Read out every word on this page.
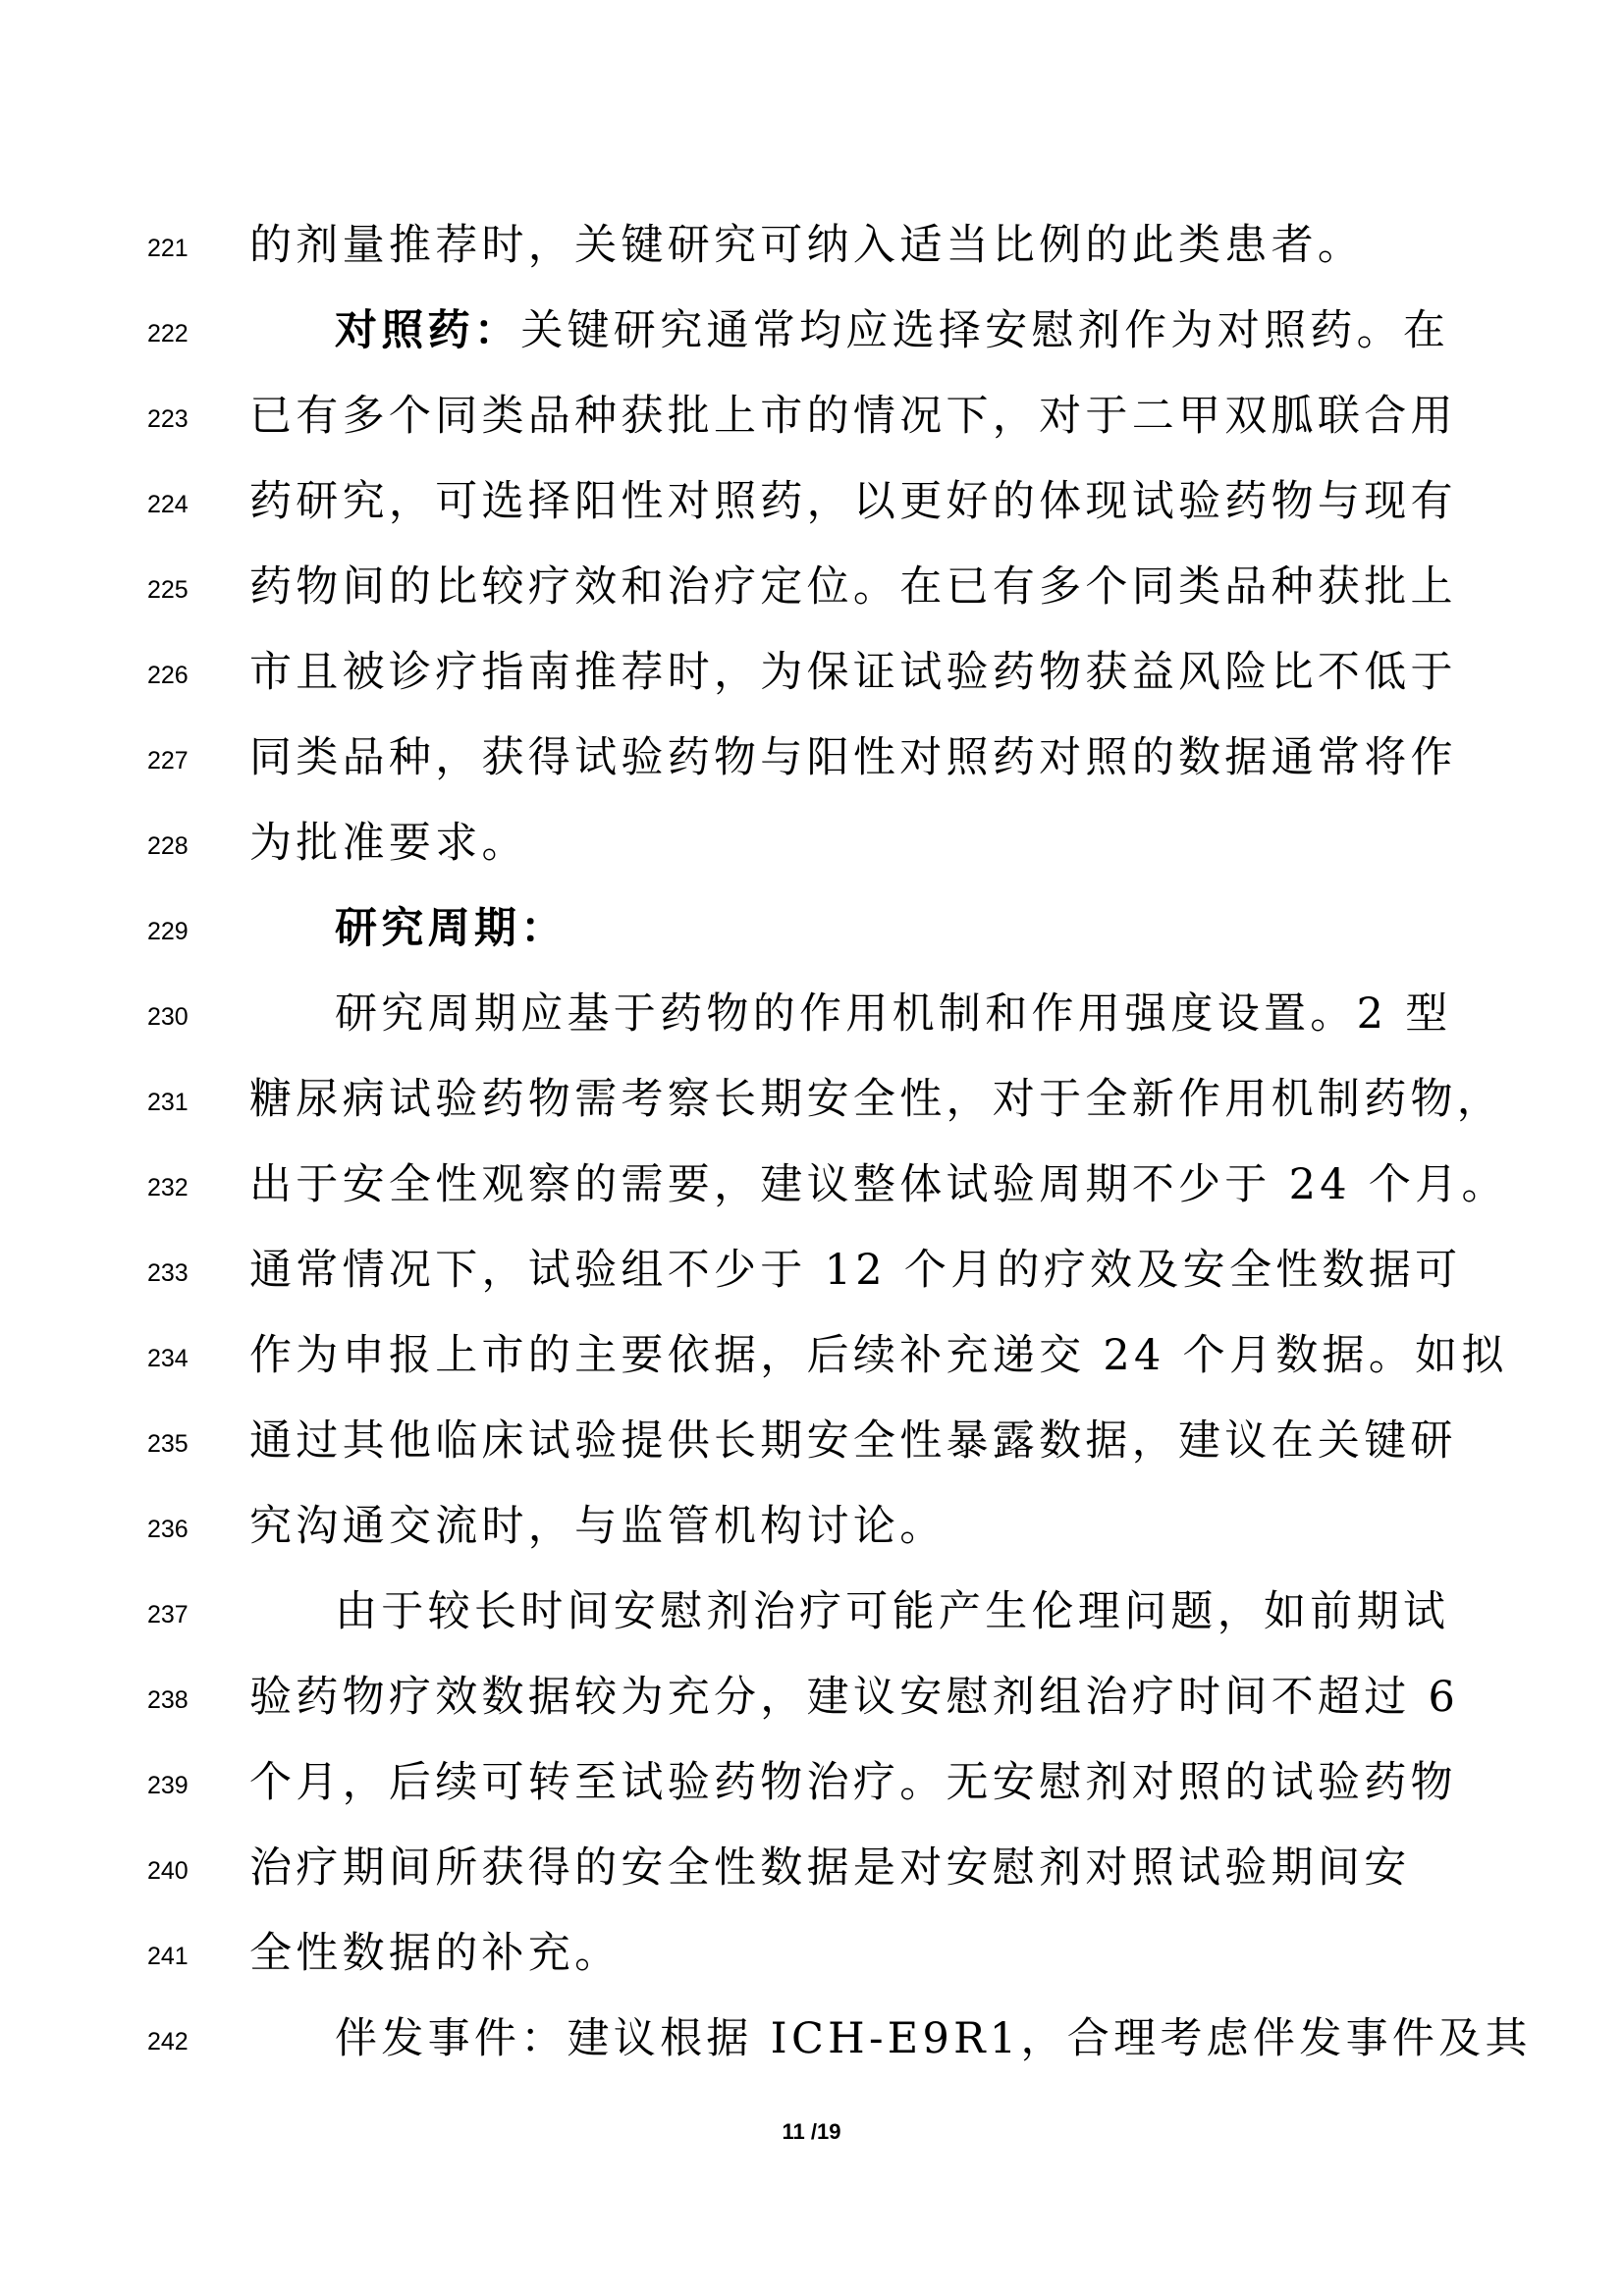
221	的剂量推荐时，关键研究可纳入适当比例的此类患者。
222	对照药：关键研究通常均应选择安慰剂作为对照药。在
223	已有多个同类品种获批上市的情况下，对于二甲双胍联合用
224	药研究，可选择阳性对照药，以更好的体现试验药物与现有
225	药物间的比较疗效和治疗定位。在已有多个同类品种获批上
226	市且被诊疗指南推荐时，为保证试验药物获益风险比不低于
227	同类品种，获得试验药物与阳性对照药对照的数据通常将作
228	为批准要求。
229	研究周期：
230	研究周期应基于药物的作用机制和作用强度设置。2 型
231	糖尿病试验药物需考察长期安全性，对于全新作用机制药物，
232	出于安全性观察的需要，建议整体试验周期不少于 24 个月。
233	通常情况下，试验组不少于 12 个月的疗效及安全性数据可
234	作为申报上市的主要依据，后续补充递交 24 个月数据。如拟
235	通过其他临床试验提供长期安全性暴露数据，建议在关键研
236	究沟通交流时，与监管机构讨论。
237	由于较长时间安慰剂治疗可能产生伦理问题，如前期试
238	验药物疗效数据较为充分，建议安慰剂组治疗时间不超过 6
239	个月，后续可转至试验药物治疗。无安慰剂对照的试验药物
240	治疗期间所获得的安全性数据是对安慰剂对照试验期间安
241	全性数据的补充。
242	伴发事件：建议根据 ICH-E9R1，合理考虑伴发事件及其
11 /19
